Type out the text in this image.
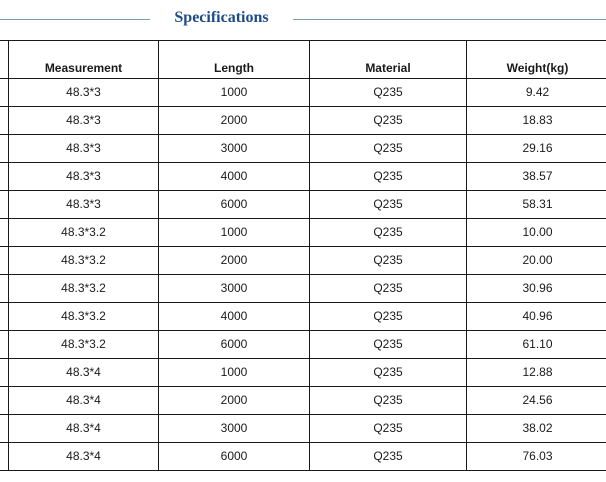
Specifications
	Measurement	Length	Material	Weight(kg)
	48.3*3	1000	Q235	9.42
	48.3*3	2000	Q235	18.83
	48.3*3	3000	Q235	29.16
	48.3*3	4000	Q235	38.57
	48.3*3	6000	Q235	58.31
	48.3*3.2	1000	Q235	10.00
	48.3*3.2	2000	Q235	20.00
	48.3*3.2	3000	Q235	30.96
	48.3*3.2	4000	Q235	40.96
	48.3*3.2	6000	Q235	61.10
	48.3*4	1000	Q235	12.88
	48.3*4	2000	Q235	24.56
	48.3*4	3000	Q235	38.02
	48.3*4	6000	Q235	76.03
